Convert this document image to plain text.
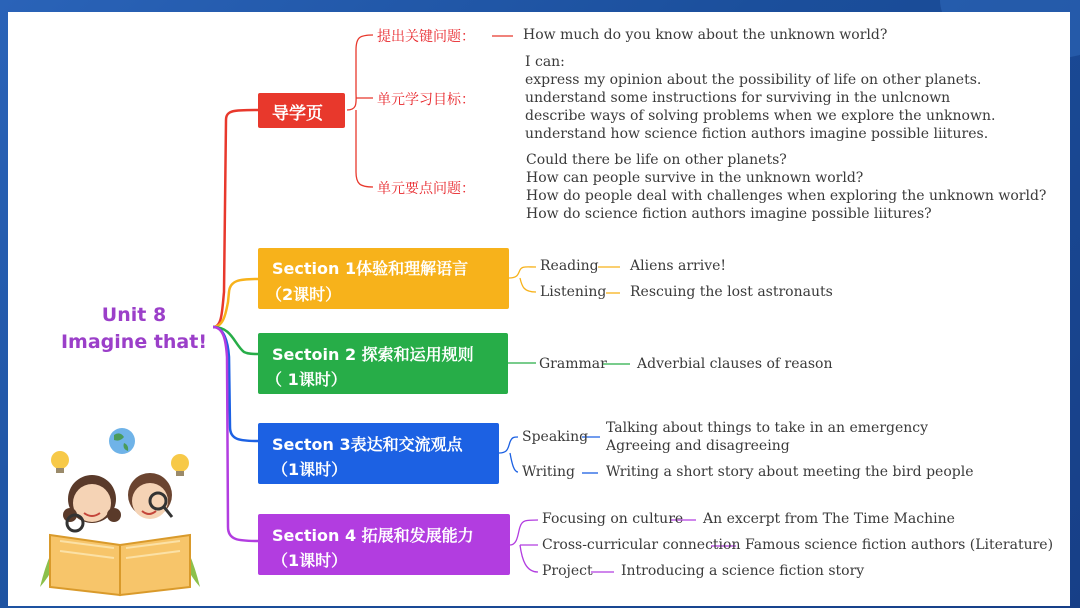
Unit 8
Imagine that!
导学页
提出关键问题：	How much do you know about the unknown world?
单元学习目标：
I can:
express my opinion about the possibility of life on other planets.
understand some instructions for surviving in the unlcnown
describe ways of solving problems when we explore the unknown.
understand how science fiction authors imagine possible liitures.
单元要点问题：
Could there be life on other planets?
How can people survive in the unknown world?
How do people deal with challenges when exploring the unknown world?
How do science fiction authors imagine possible liitures?
Section 1体验和理解语言
（2课时）
Reading Aliens arrive!
Listening Rescuing the lost astronauts
Sectoin 2 探索和运用规则
（ 1课时）
Grammar Adverbial clauses of reason
Secton 3表达和交流观点
（1课时）
Speaking
Talking about things to take in an emergency
Agreeing and disagreeing
Writing Writing a short story about meeting the bird people
Section 4 拓展和发展能力
（1课时）
Focusing on culture An excerpt from The Time Machine
Cross-curricular connection Famous science fiction authors (Literature)
Project Introducing a science fiction story
